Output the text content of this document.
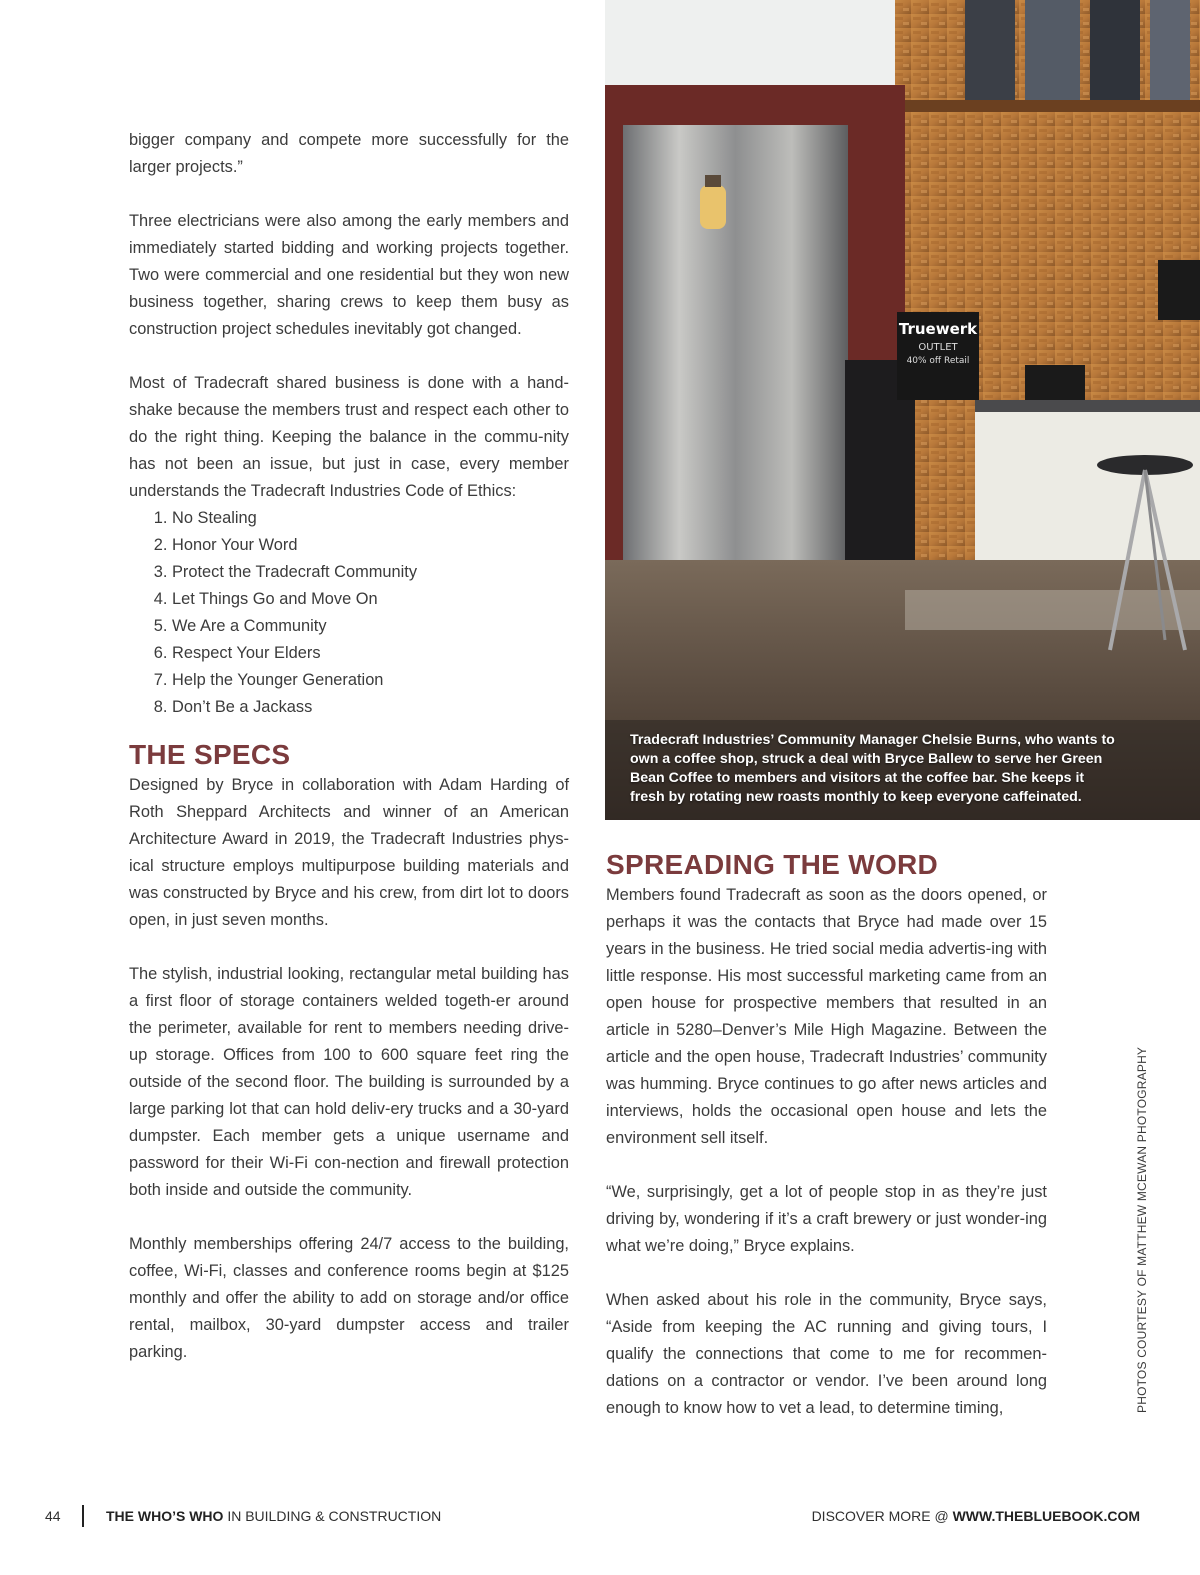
bigger company and compete more successfully for the larger projects.”

Three electricians were also among the early members and immediately started bidding and working projects together. Two were commercial and one residential but they won new business together, sharing crews to keep them busy as construction project schedules inevitably got changed.

Most of Tradecraft shared business is done with a hand-shake because the members trust and respect each other to do the right thing. Keeping the balance in the commu-nity has not been an issue, but just in case, every member understands the Tradecraft Industries Code of Ethics:

1. No Stealing
2. Honor Your Word
3. Protect the Tradecraft Community
4. Let Things Go and Move On
5. We Are a Community
6. Respect Your Elders
7. Help the Younger Generation
8. Don’t Be a Jackass
THE SPECS

Designed by Bryce in collaboration with Adam Harding of Roth Sheppard Architects and winner of an American Architecture Award in 2019, the Tradecraft Industries phys-ical structure employs multipurpose building materials and was constructed by Bryce and his crew, from dirt lot to doors open, in just seven months.

The stylish, industrial looking, rectangular metal building has a first floor of storage containers welded togeth-er around the perimeter, available for rent to members needing drive-up storage. Offices from 100 to 600 square feet ring the outside of the second floor. The building is surrounded by a large parking lot that can hold deliv-ery trucks and a 30-yard dumpster. Each member gets a unique username and password for their Wi-Fi con-nection and firewall protection both inside and outside the community.

Monthly memberships offering 24/7 access to the building, coffee, Wi-Fi, classes and conference rooms begin at $125 monthly and offer the ability to add on storage and/or office rental, mailbox, 30-yard dumpster access and trailer parking.

Truewerk
OUTLET
40% off Retail
Tradecraft Industries’ Community Manager Chelsie Burns, who wants to own a coffee shop, struck a deal with Bryce Ballew to serve her Green Bean Coffee to members and visitors at the coffee bar. She keeps it fresh by rotating new roasts monthly to keep everyone caffeinated.
SPREADING THE WORD

Members found Tradecraft as soon as the doors opened, or perhaps it was the contacts that Bryce had made over 15 years in the business. He tried social media advertis-ing with little response. His most successful marketing came from an open house for prospective members that resulted in an article in 5280–Denver’s Mile High Magazine. Between the article and the open house, Tradecraft Industries’ community was humming. Bryce continues to go after news articles and interviews, holds the occasional open house and lets the environment sell itself.

“We, surprisingly, get a lot of people stop in as they’re just driving by, wondering if it’s a craft brewery or just wonder-ing what we’re doing,” Bryce explains.

When asked about his role in the community, Bryce says, “Aside from keeping the AC running and giving tours, I qualify the connections that come to me for recommen-dations on a contractor or vendor. I’ve been around long enough to know how to vet a lead, to determine timing,	PHOTOS COURTESY OF MATTHEW MCEWAN PHOTOGRAPHY
44	THE WHO’S WHO IN BUILDING & CONSTRUCTION	DISCOVER MORE @ WWW.THEBLUEBOOK.COM
